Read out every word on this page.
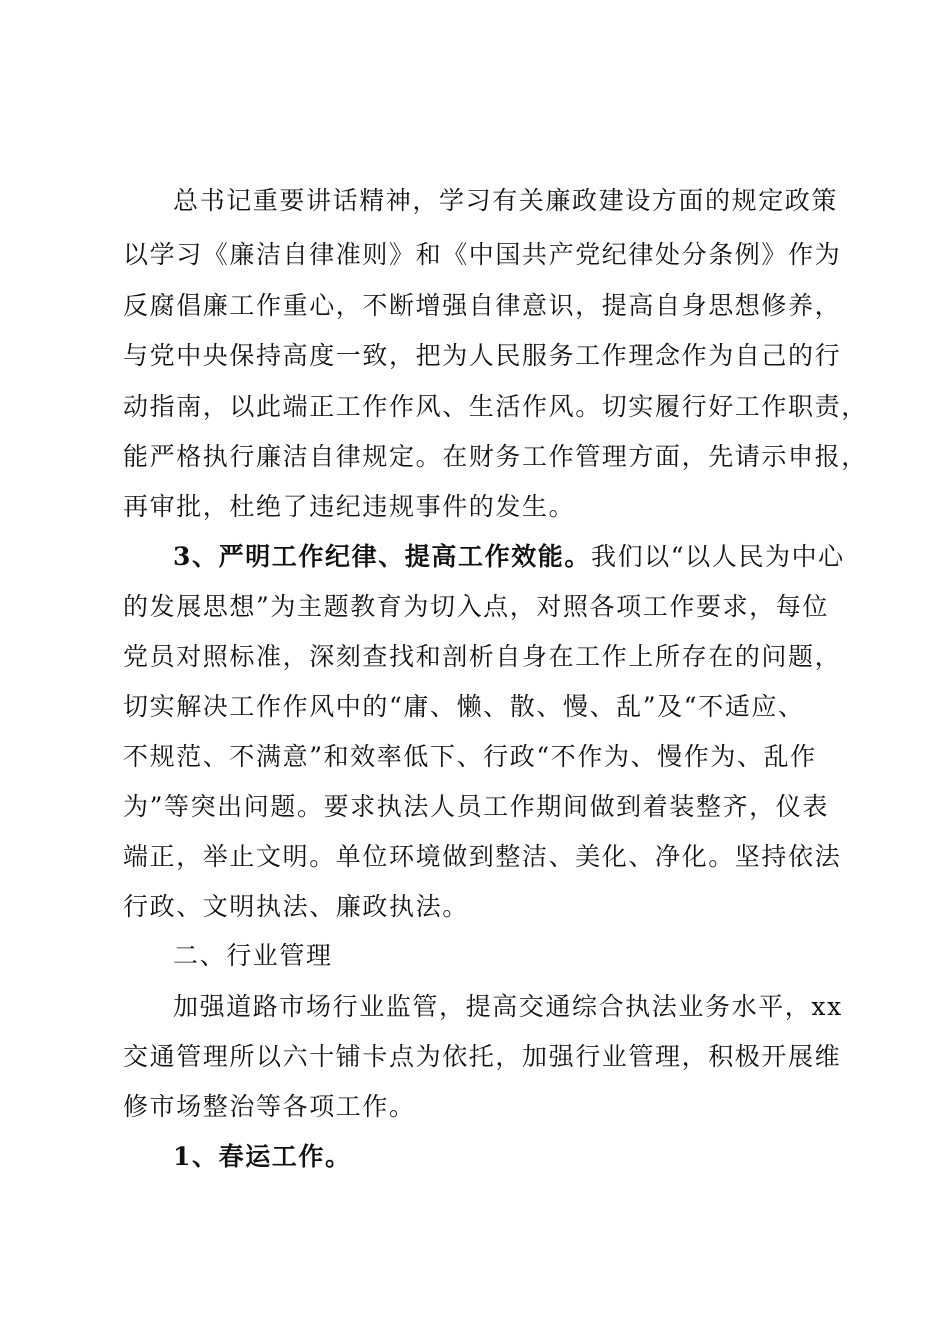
总书记重要讲话精神，学习有关廉政建设方面的规定政策
以学习《廉洁自律准则》和《中国共产党纪律处分条例》作为
反腐倡廉工作重心，不断增强自律意识，提高自身思想修养，
与党中央保持高度一致，把为人民服务工作理念作为自己的行
动指南，以此端正工作作风、生活作风。切实履行好工作职责，
能严格执行廉洁自律规定。在财务工作管理方面，先请示申报，
再审批，杜绝了违纪违规事件的发生。
3、严明工作纪律、提高工作效能。我们以“以人民为中心
的发展思想”为主题教育为切入点，对照各项工作要求，每位
党员对照标准，深刻查找和剖析自身在工作上所存在的问题，
切实解决工作作风中的“庸、懒、散、慢、乱”及“不适应、
不规范、不满意”和效率低下、行政“不作为、慢作为、乱作
为”等突出问题。要求执法人员工作期间做到着装整齐，仪表
端正，举止文明。单位环境做到整洁、美化、净化。坚持依法
行政、文明执法、廉政执法。
二、行业管理
加强道路市场行业监管，提高交通综合执法业务水平，xx
交通管理所以六十铺卡点为依托，加强行业管理，积极开展维
修市场整治等各项工作。
1、春运工作。
